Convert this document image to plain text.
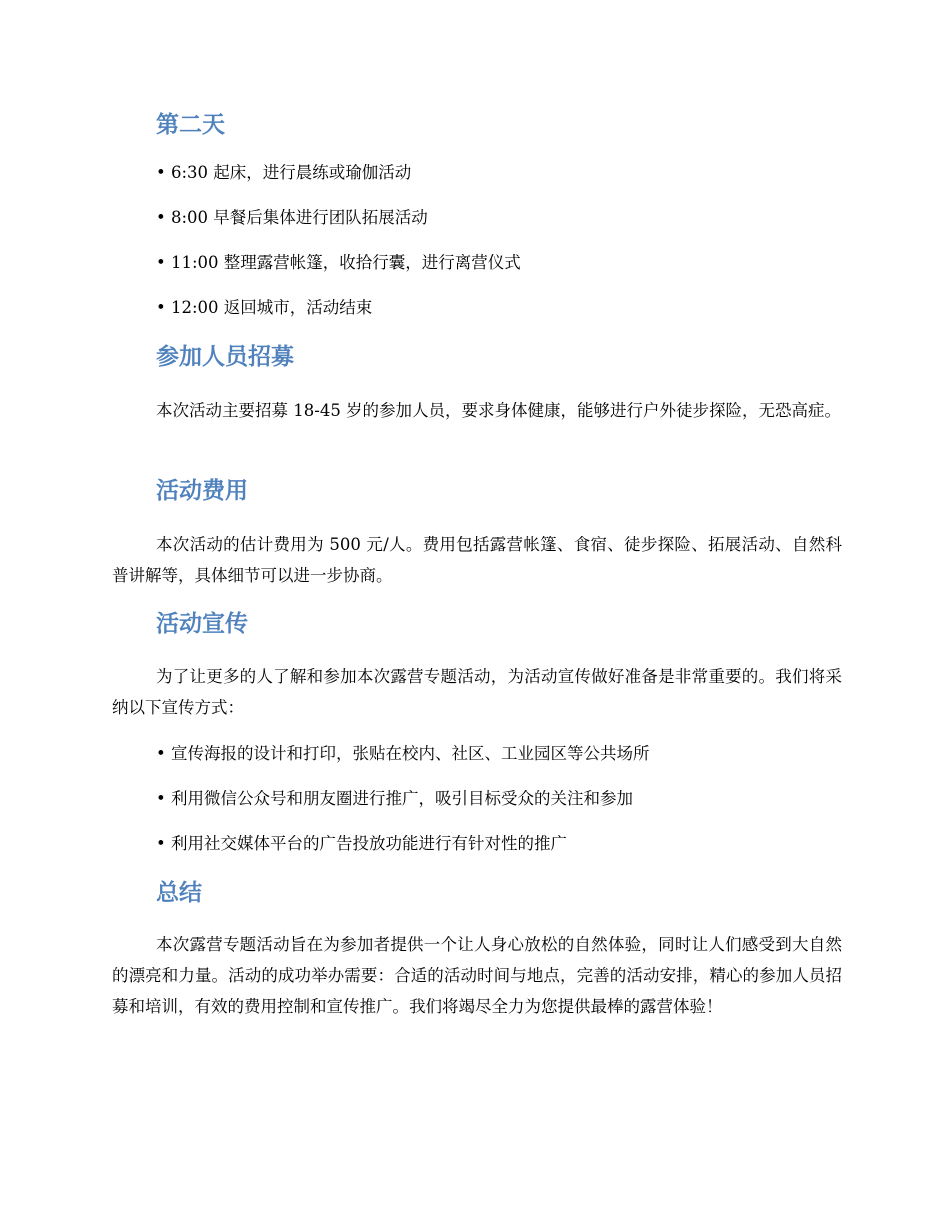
第二天
• 6:30 起床，进行晨练或瑜伽活动
• 8:00 早餐后集体进行团队拓展活动
• 11:00 整理露营帐篷，收拾行囊，进行离营仪式
• 12:00 返回城市，活动结束
参加人员招募

本次活动主要招募 18-45 岁的参加人员，要求身体健康，能够进行户外徒步探险，无恐高症。

活动费用

本次活动的估计费用为 500 元/人。费用包括露营帐篷、食宿、徒步探险、拓展活动、自然科普讲解等，具体细节可以进一步协商。

活动宣传

为了让更多的人了解和参加本次露营专题活动，为活动宣传做好准备是非常重要的。我们将采纳以下宣传方式：

• 宣传海报的设计和打印，张贴在校内、社区、工业园区等公共场所
• 利用微信公众号和朋友圈进行推广，吸引目标受众的关注和参加
• 利用社交媒体平台的广告投放功能进行有针对性的推广
总结

本次露营专题活动旨在为参加者提供一个让人身心放松的自然体验，同时让人们感受到大自然的漂亮和力量。活动的成功举办需要：合适的活动时间与地点，完善的活动安排，精心的参加人员招募和培训，有效的费用控制和宣传推广。我们将竭尽全力为您提供最棒的露营体验！
